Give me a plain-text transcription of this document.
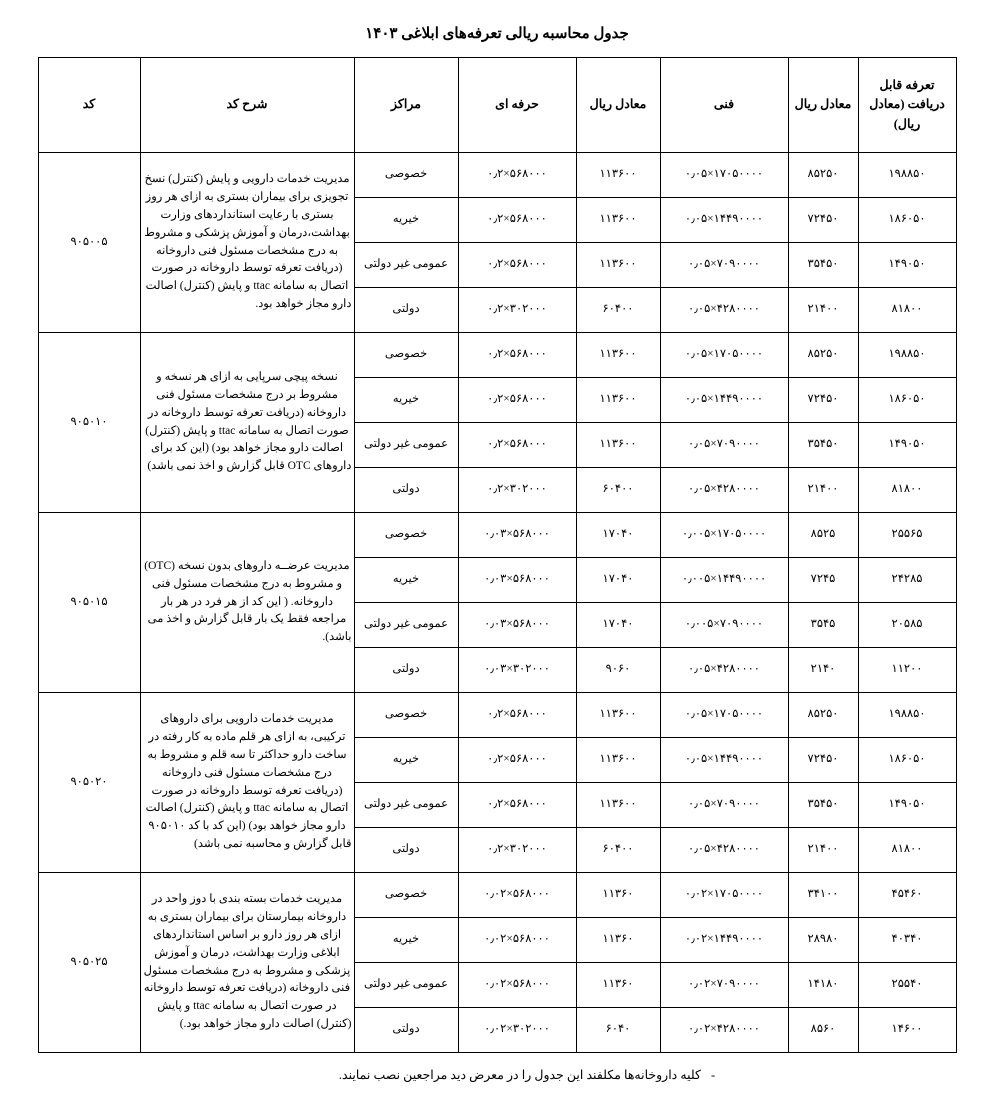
جدول محاسبه ریالی تعرفه‌های ابلاغی ۱۴۰۳
تعرفه قابل دریافت (معادل ریال)	معادل ریال	فنی	معادل ریال	حرفه ای	مراکز	شرح کد	کد
۱۹۸۸۵۰	۸۵۲۵۰	۱۷۰۵۰۰۰۰×۰٫۰۵	۱۱۳۶۰۰	۵۶۸۰۰۰×۰٫۲	خصوصی	مدیریت خدمات دارویی و پایش (کنترل) نسخ تجویزی برای بیماران بستری به ازای هر روز بستری با رعایت استانداردهای وزارت بهداشت،درمان و آموزش پزشکی و مشروط به درج مشخصات مسئول فنی داروخانه (دریافت تعرفه توسط داروخانه در صورت اتصال به سامانه ttac و پایش (کنترل) اصالت دارو مجاز خواهد بود.	۹۰۵۰۰۵
۱۸۶۰۵۰	۷۲۴۵۰	۱۴۴۹۰۰۰۰×۰٫۰۵	۱۱۳۶۰۰	۵۶۸۰۰۰×۰٫۲	خیریه		
۱۴۹۰۵۰	۳۵۴۵۰	۷۰۹۰۰۰۰×۰٫۰۵	۱۱۳۶۰۰	۵۶۸۰۰۰×۰٫۲	عمومی غیر دولتی		
۸۱۸۰۰	۲۱۴۰۰	۴۲۸۰۰۰۰×۰٫۰۵	۶۰۴۰۰	۳۰۲۰۰۰×۰٫۲	دولتی		
۱۹۸۸۵۰	۸۵۲۵۰	۱۷۰۵۰۰۰۰×۰٫۰۵	۱۱۳۶۰۰	۵۶۸۰۰۰×۰٫۲	خصوصی	نسخه پیچی سرپایی به ازای هر نسخه و مشروط بر درج مشخصات مسئول فنی داروخانه (دریافت تعرفه توسط داروخانه در صورت اتصال به سامانه ttac و پایش (کنترل) اصالت دارو مجاز خواهد بود) (این کد برای داروهای OTC قابل گزارش و اخذ نمی باشد)	۹۰۵۰۱۰
۱۸۶۰۵۰	۷۲۴۵۰	۱۴۴۹۰۰۰۰×۰٫۰۵	۱۱۳۶۰۰	۵۶۸۰۰۰×۰٫۲	خیریه		
۱۴۹۰۵۰	۳۵۴۵۰	۷۰۹۰۰۰۰×۰٫۰۵	۱۱۳۶۰۰	۵۶۸۰۰۰×۰٫۲	عمومی غیر دولتی		
۸۱۸۰۰	۲۱۴۰۰	۴۲۸۰۰۰۰×۰٫۰۵	۶۰۴۰۰	۳۰۲۰۰۰×۰٫۲	دولتی		
۲۵۵۶۵	۸۵۲۵	۱۷۰۵۰۰۰۰×۰٫۰۰۵	۱۷۰۴۰	۵۶۸۰۰۰×۰٫۰۳	خصوصی	مدیریت عرضــه داروهای بدون نسخه (OTC) و مشروط به درج مشخصات مسئول فنی داروخانه. ( این کد از هر فرد در هر بار مراجعه فقط یک بار قابل گزارش و اخذ می باشد).	۹۰۵۰۱۵
۲۴۲۸۵	۷۲۴۵	۱۴۴۹۰۰۰۰×۰٫۰۰۵	۱۷۰۴۰	۵۶۸۰۰۰×۰٫۰۳	خیریه		
۲۰۵۸۵	۳۵۴۵	۷۰۹۰۰۰۰×۰٫۰۰۵	۱۷۰۴۰	۵۶۸۰۰۰×۰٫۰۳	عمومی غیر دولتی		
۱۱۲۰۰	۲۱۴۰	۴۲۸۰۰۰۰×۰٫۰۵	۹۰۶۰	۳۰۲۰۰۰×۰٫۰۳	دولتی		
۱۹۸۸۵۰	۸۵۲۵۰	۱۷۰۵۰۰۰۰×۰٫۰۵	۱۱۳۶۰۰	۵۶۸۰۰۰×۰٫۲	خصوصی	مدیریت خدمات دارویی برای داروهای ترکیبی، به ازای هر قلم ماده به کار رفته در ساخت دارو حداکثر تا سه قلم و مشروط به درج مشخصات مسئول فنی داروخانه (دریافت تعرفه توسط داروخانه در صورت اتصال به سامانه ttac و پایش (کنترل) اصالت دارو مجاز خواهد بود) (این کد با کد ۹۰۵۰۱۰ قابل گزارش و محاسبه نمی باشد)	۹۰۵۰۲۰
۱۸۶۰۵۰	۷۲۴۵۰	۱۴۴۹۰۰۰۰×۰٫۰۵	۱۱۳۶۰۰	۵۶۸۰۰۰×۰٫۲	خیریه		
۱۴۹۰۵۰	۳۵۴۵۰	۷۰۹۰۰۰۰×۰٫۰۵	۱۱۳۶۰۰	۵۶۸۰۰۰×۰٫۲	عمومی غیر دولتی		
۸۱۸۰۰	۲۱۴۰۰	۴۲۸۰۰۰۰×۰٫۰۵	۶۰۴۰۰	۳۰۲۰۰۰×۰٫۲	دولتی		
۴۵۴۶۰	۳۴۱۰۰	۱۷۰۵۰۰۰۰×۰٫۰۲	۱۱۳۶۰	۵۶۸۰۰۰×۰٫۰۲	خصوصی	مدیریت خدمات بسته بندی با دوز واحد در داروخانه بیمارستان برای بیماران بستری به ازای هر روز دارو بر اساس استانداردهای ابلاغی وزارت بهداشت، درمان و آموزش پزشکی و مشروط به درج مشخصات مسئول فنی داروخانه (دریافت تعرفه توسط داروخانه در صورت اتصال به سامانه ttac و پایش (کنترل) اصالت دارو مجاز خواهد بود.)	۹۰۵۰۲۵
۴۰۳۴۰	۲۸۹۸۰	۱۴۴۹۰۰۰۰×۰٫۰۲	۱۱۳۶۰	۵۶۸۰۰۰×۰٫۰۲	خیریه		
۲۵۵۴۰	۱۴۱۸۰	۷۰۹۰۰۰۰×۰٫۰۲	۱۱۳۶۰	۵۶۸۰۰۰×۰٫۰۲	عمومی غیر دولتی		
۱۴۶۰۰	۸۵۶۰	۴۲۸۰۰۰۰×۰٫۰۲	۶۰۴۰	۳۰۲۰۰۰×۰٫۰۲	دولتی		
-کلیه داروخانه‌ها مکلفند این جدول را در معرض دید مراجعین نصب نمایند.
